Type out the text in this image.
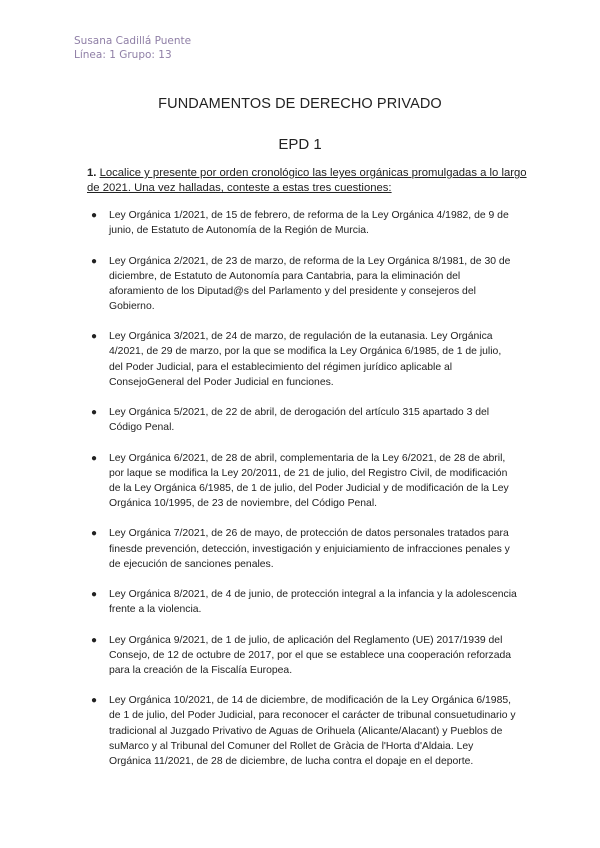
Susana Cadillá Puente
Línea: 1 Grupo: 13
FUNDAMENTOS DE DERECHO PRIVADO
EPD 1
1. Localice y presente por orden cronológico las leyes orgánicas promulgadas a lo largo de 2021. Una vez halladas, conteste a estas tres cuestiones:
● Ley Orgánica 1/2021, de 15 de febrero, de reforma de la Ley Orgánica 4/1982, de 9 de junio, de Estatuto de Autonomía de la Región de Murcia.
● Ley Orgánica 2/2021, de 23 de marzo, de reforma de la Ley Orgánica 8/1981, de 30 de diciembre, de Estatuto de Autonomía para Cantabria, para la eliminación del aforamiento de los Diputad@s del Parlamento y del presidente y consejeros del Gobierno.
● Ley Orgánica 3/2021, de 24 de marzo, de regulación de la eutanasia. Ley Orgánica 4/2021, de 29 de marzo, por la que se modifica la Ley Orgánica 6/1985, de 1 de julio, del Poder Judicial, para el establecimiento del régimen jurídico aplicable al ConsejoGeneral del Poder Judicial en funciones.
● Ley Orgánica 5/2021, de 22 de abril, de derogación del artículo 315 apartado 3 del Código Penal.
● Ley Orgánica 6/2021, de 28 de abril, complementaria de la Ley 6/2021, de 28 de abril, por laque se modifica la Ley 20/2011, de 21 de julio, del Registro Civil, de modificación de la Ley Orgánica 6/1985, de 1 de julio, del Poder Judicial y de modificación de la Ley Orgánica 10/1995, de 23 de noviembre, del Código Penal.
● Ley Orgánica 7/2021, de 26 de mayo, de protección de datos personales tratados para finesde prevención, detección, investigación y enjuiciamiento de infracciones penales y de ejecución de sanciones penales.
● Ley Orgánica 8/2021, de 4 de junio, de protección integral a la infancia y la adolescencia frente a la violencia.
● Ley Orgánica 9/2021, de 1 de julio, de aplicación del Reglamento (UE) 2017/1939 del Consejo, de 12 de octubre de 2017, por el que se establece una cooperación reforzada para la creación de la Fiscalía Europea.
● Ley Orgánica 10/2021, de 14 de diciembre, de modificación de la Ley Orgánica 6/1985, de 1 de julio, del Poder Judicial, para reconocer el carácter de tribunal consuetudinario y tradicional al Juzgado Privativo de Aguas de Orihuela (Alicante/Alacant) y Pueblos de suMarco y al Tribunal del Comuner del Rollet de Gràcia de l'Horta d'Aldaia. Ley Orgánica 11/2021, de 28 de diciembre, de lucha contra el dopaje en el deporte.
